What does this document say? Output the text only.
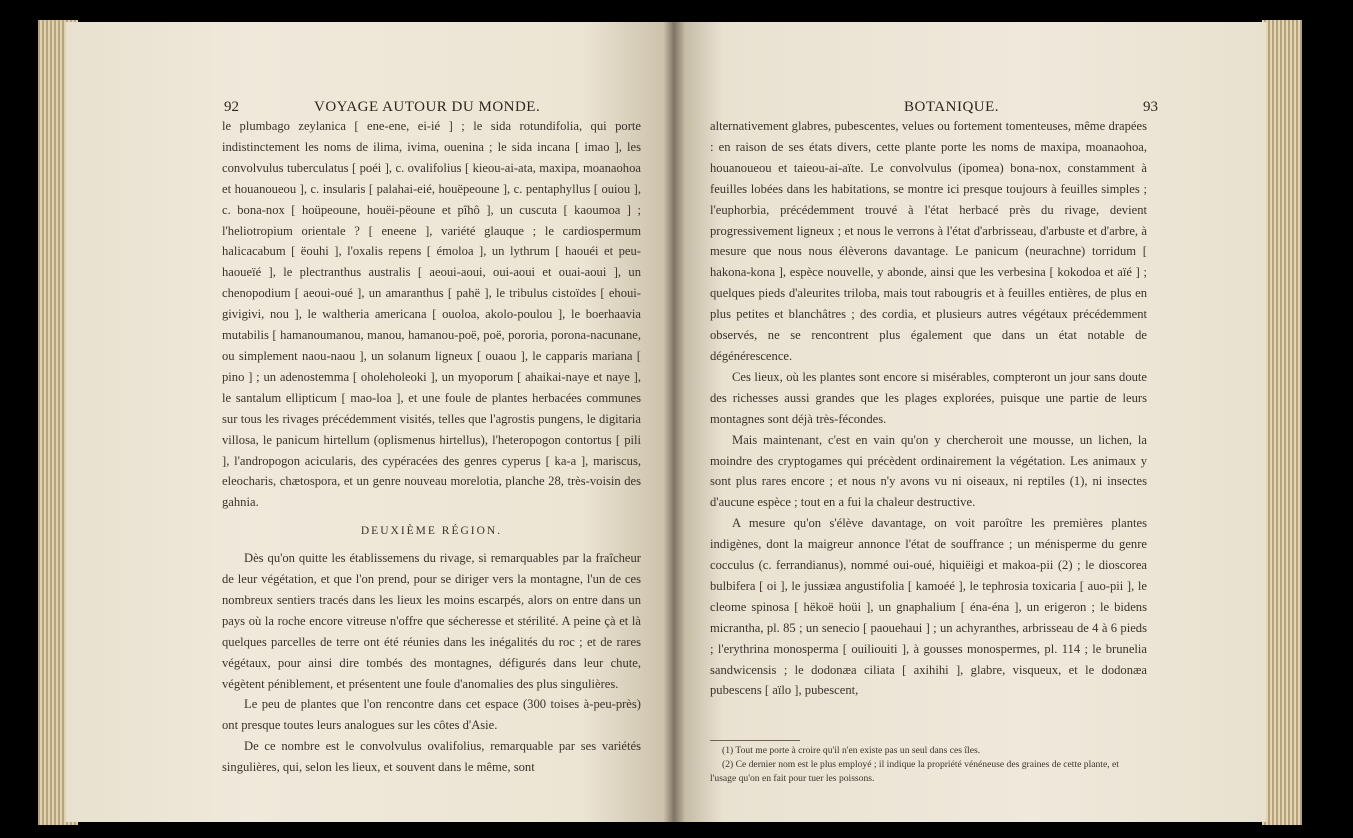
92	VOYAGE AUTOUR DU MONDE.

le plumbago zeylanica [ ene-ene, ei-ié ] ; le sida rotundifolia, qui porte indistinctement les noms de ilima, ivima, ouenina ; le sida incana [ imao ], les convolvulus tuberculatus [ poéi ], c. ovalifolius [ kieou-ai-ata, maxipa, moanaohoa et houanoueou ], c. insularis [ palahai-eié, houëpeoune ], c. pentaphyllus [ ouiou ], c. bona-nox [ hoüpeoune, houëi-pëoune et pîhô ], un cuscuta [ kaoumoa ] ; l'heliotropium orientale ? [ eneene ], variété glauque ; le cardiospermum halicacabum [ ëouhi ], l'oxalis repens [ émoloa ], un lythrum [ haouéi et peu-haoueïé ], le plectranthus australis [ aeoui-aoui, oui-aoui et ouai-aoui ], un chenopodium [ aeoui-oué ], un amaranthus [ pahë ], le tribulus cistoïdes [ ehoui-givigivi, nou ], le waltheria americana [ ouoloa, akolo-poulou ], le boerhaavia mutabilis [ hamanoumanou, manou, hamanou-poë, poë, pororia, porona-nacunane, ou simplement naou-naou ], un solanum ligneux [ ouaou ], le capparis mariana [ pino ] ; un adenostemma [ oholeholeoki ], un myoporum [ ahaikai-naye et naye ], le santalum ellipticum [ mao-loa ], et une foule de plantes herbacées communes sur tous les rivages précédemment visités, telles que l'agrostis pungens, le digitaria villosa, le panicum hirtellum (oplismenus hirtellus), l'heteropogon contortus [ pili ], l'andropogon acicularis, des cypéracées des genres cyperus [ ka-a ], mariscus, eleocharis, chætospora, et un genre nouveau morelotia, planche 28, très-voisin des gahnia.

DEUXIÈME RÉGION.

Dès qu'on quitte les établissemens du rivage, si remarquables par la fraîcheur de leur végétation, et que l'on prend, pour se diriger vers la montagne, l'un de ces nombreux sentiers tracés dans les lieux les moins escarpés, alors on entre dans un pays où la roche encore vitreuse n'offre que sécheresse et stérilité. A peine çà et là quelques parcelles de terre ont été réunies dans les inégalités du roc ; et de rares végétaux, pour ainsi dire tombés des montagnes, défigurés dans leur chute, végètent péniblement, et présentent une foule d'anomalies des plus singulières.

Le peu de plantes que l'on rencontre dans cet espace (300 toises à-peu-près) ont presque toutes leurs analogues sur les côtes d'Asie.

De ce nombre est le convolvulus ovalifolius, remarquable par ses variétés singulières, qui, selon les lieux, et souvent dans le même, sont

BOTANIQUE.	93

alternativement glabres, pubescentes, velues ou fortement tomenteuses, même drapées : en raison de ses états divers, cette plante porte les noms de maxipa, moanaohoa, houanoueou et taieou-ai-aïte. Le convolvulus (ipomea) bona-nox, constamment à feuilles lobées dans les habitations, se montre ici presque toujours à feuilles simples ; l'euphorbia, précédemment trouvé à l'état herbacé près du rivage, devient progressivement ligneux ; et nous le verrons à l'état d'arbrisseau, d'arbuste et d'arbre, à mesure que nous nous élèverons davantage. Le panicum (neurachne) torridum [ hakona-kona ], espèce nouvelle, y abonde, ainsi que les verbesina [ kokodoa et aïé ] ; quelques pieds d'aleurites triloba, mais tout rabougris et à feuilles entières, de plus en plus petites et blanchâtres ; des cordia, et plusieurs autres végétaux précédemment observés, ne se rencontrent plus également que dans un état notable de dégénérescence.

Ces lieux, où les plantes sont encore si misérables, compteront un jour sans doute des richesses aussi grandes que les plages explorées, puisque une partie de leurs montagnes sont déjà très-fécondes.

Mais maintenant, c'est en vain qu'on y chercheroit une mousse, un lichen, la moindre des cryptogames qui précèdent ordinairement la végétation. Les animaux y sont plus rares encore ; et nous n'y avons vu ni oiseaux, ni reptiles (1), ni insectes d'aucune espèce ; tout en a fui la chaleur destructive.

A mesure qu'on s'élève davantage, on voit paroître les premières plantes indigènes, dont la maigreur annonce l'état de souffrance ; un ménisperme du genre cocculus (c. ferrandianus), nommé oui-oué, hiquiëigi et makoa-pii (2) ; le dioscorea bulbifera [ oi ], le jussiæa angustifolia [ kamoéé ], le tephrosia toxicaria [ auo-pii ], le cleome spinosa [ hëkoë hoüi ], un gnaphalium [ éna-éna ], un erigeron ; le bidens micrantha, pl. 85 ; un senecio [ paouehaui ] ; un achyranthes, arbrisseau de 4 à 6 pieds ; l'erythrina monosperma [ ouiliouiti ], à gousses monospermes, pl. 114 ; le brunelia sandwicensis ; le dodonæa ciliata [ axihihi ], glabre, visqueux, et le dodonæa pubescens [ aïlo ], pubescent,

(1) Tout me porte à croire qu'il n'en existe pas un seul dans ces îles.

(2) Ce dernier nom est le plus employé ; il indique la propriété vénéneuse des graines de cette plante, et l'usage qu'on en fait pour tuer les poissons.
